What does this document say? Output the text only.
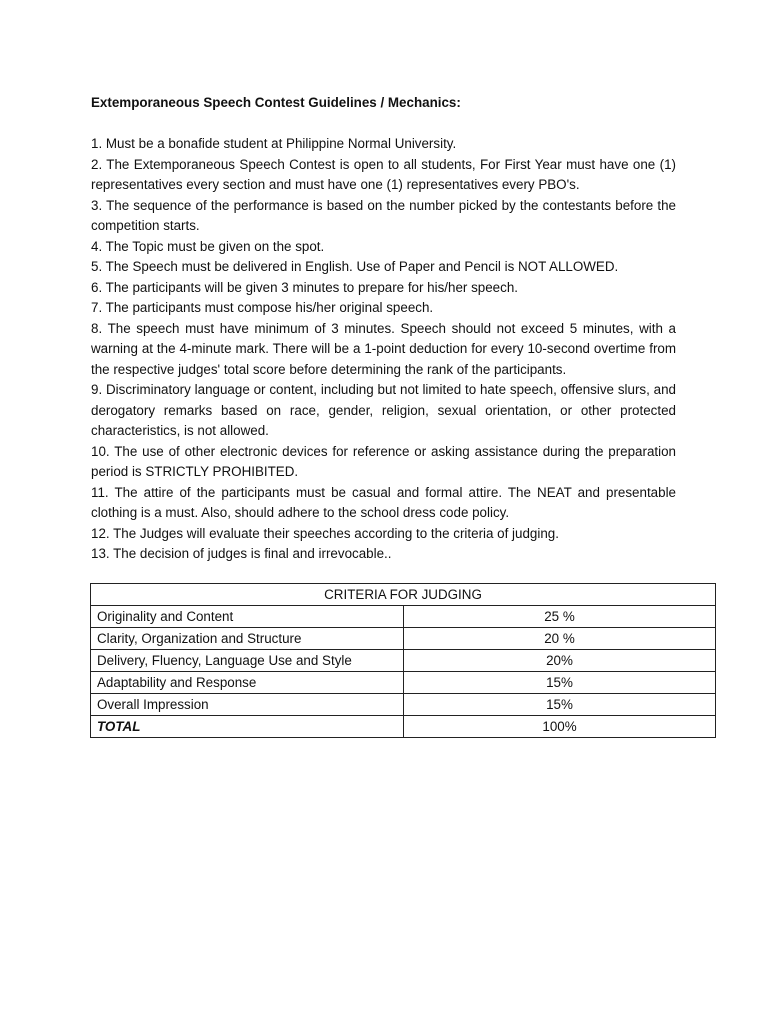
Extemporaneous Speech Contest Guidelines / Mechanics:
1. Must be a bonafide student at Philippine Normal University.
2. The Extemporaneous Speech Contest is open to all students, For First Year must have one (1) representatives every section and must have one (1) representatives every PBO's.
3. The sequence of the performance is based on the number picked by the contestants before the competition starts.
4. The Topic must be given on the spot.
5. The Speech must be delivered in English. Use of Paper and Pencil is NOT ALLOWED.
6. The participants will be given 3 minutes to prepare for his/her speech.
7. The participants must compose his/her original speech.
8. The speech must have minimum of 3 minutes. Speech should not exceed 5 minutes, with a warning at the 4-minute mark. There will be a 1-point deduction for every 10-second overtime from the respective judges' total score before determining the rank of the participants.
9. Discriminatory language or content, including but not limited to hate speech, offensive slurs, and derogatory remarks based on race, gender, religion, sexual orientation, or other protected characteristics, is not allowed.
10. The use of other electronic devices for reference or asking assistance during the preparation period is STRICTLY PROHIBITED.
11. The attire of the participants must be casual and formal attire. The NEAT and presentable clothing is a must. Also, should adhere to the school dress code policy.
12. The Judges will evaluate their speeches according to the criteria of judging.
13. The decision of judges is final and irrevocable..
CRITERIA FOR JUDGING	
Originality and Content	25 %
Clarity, Organization and Structure	20 %
Delivery, Fluency, Language Use and Style	20%
Adaptability and Response	15%
Overall Impression	15%
TOTAL	100%
